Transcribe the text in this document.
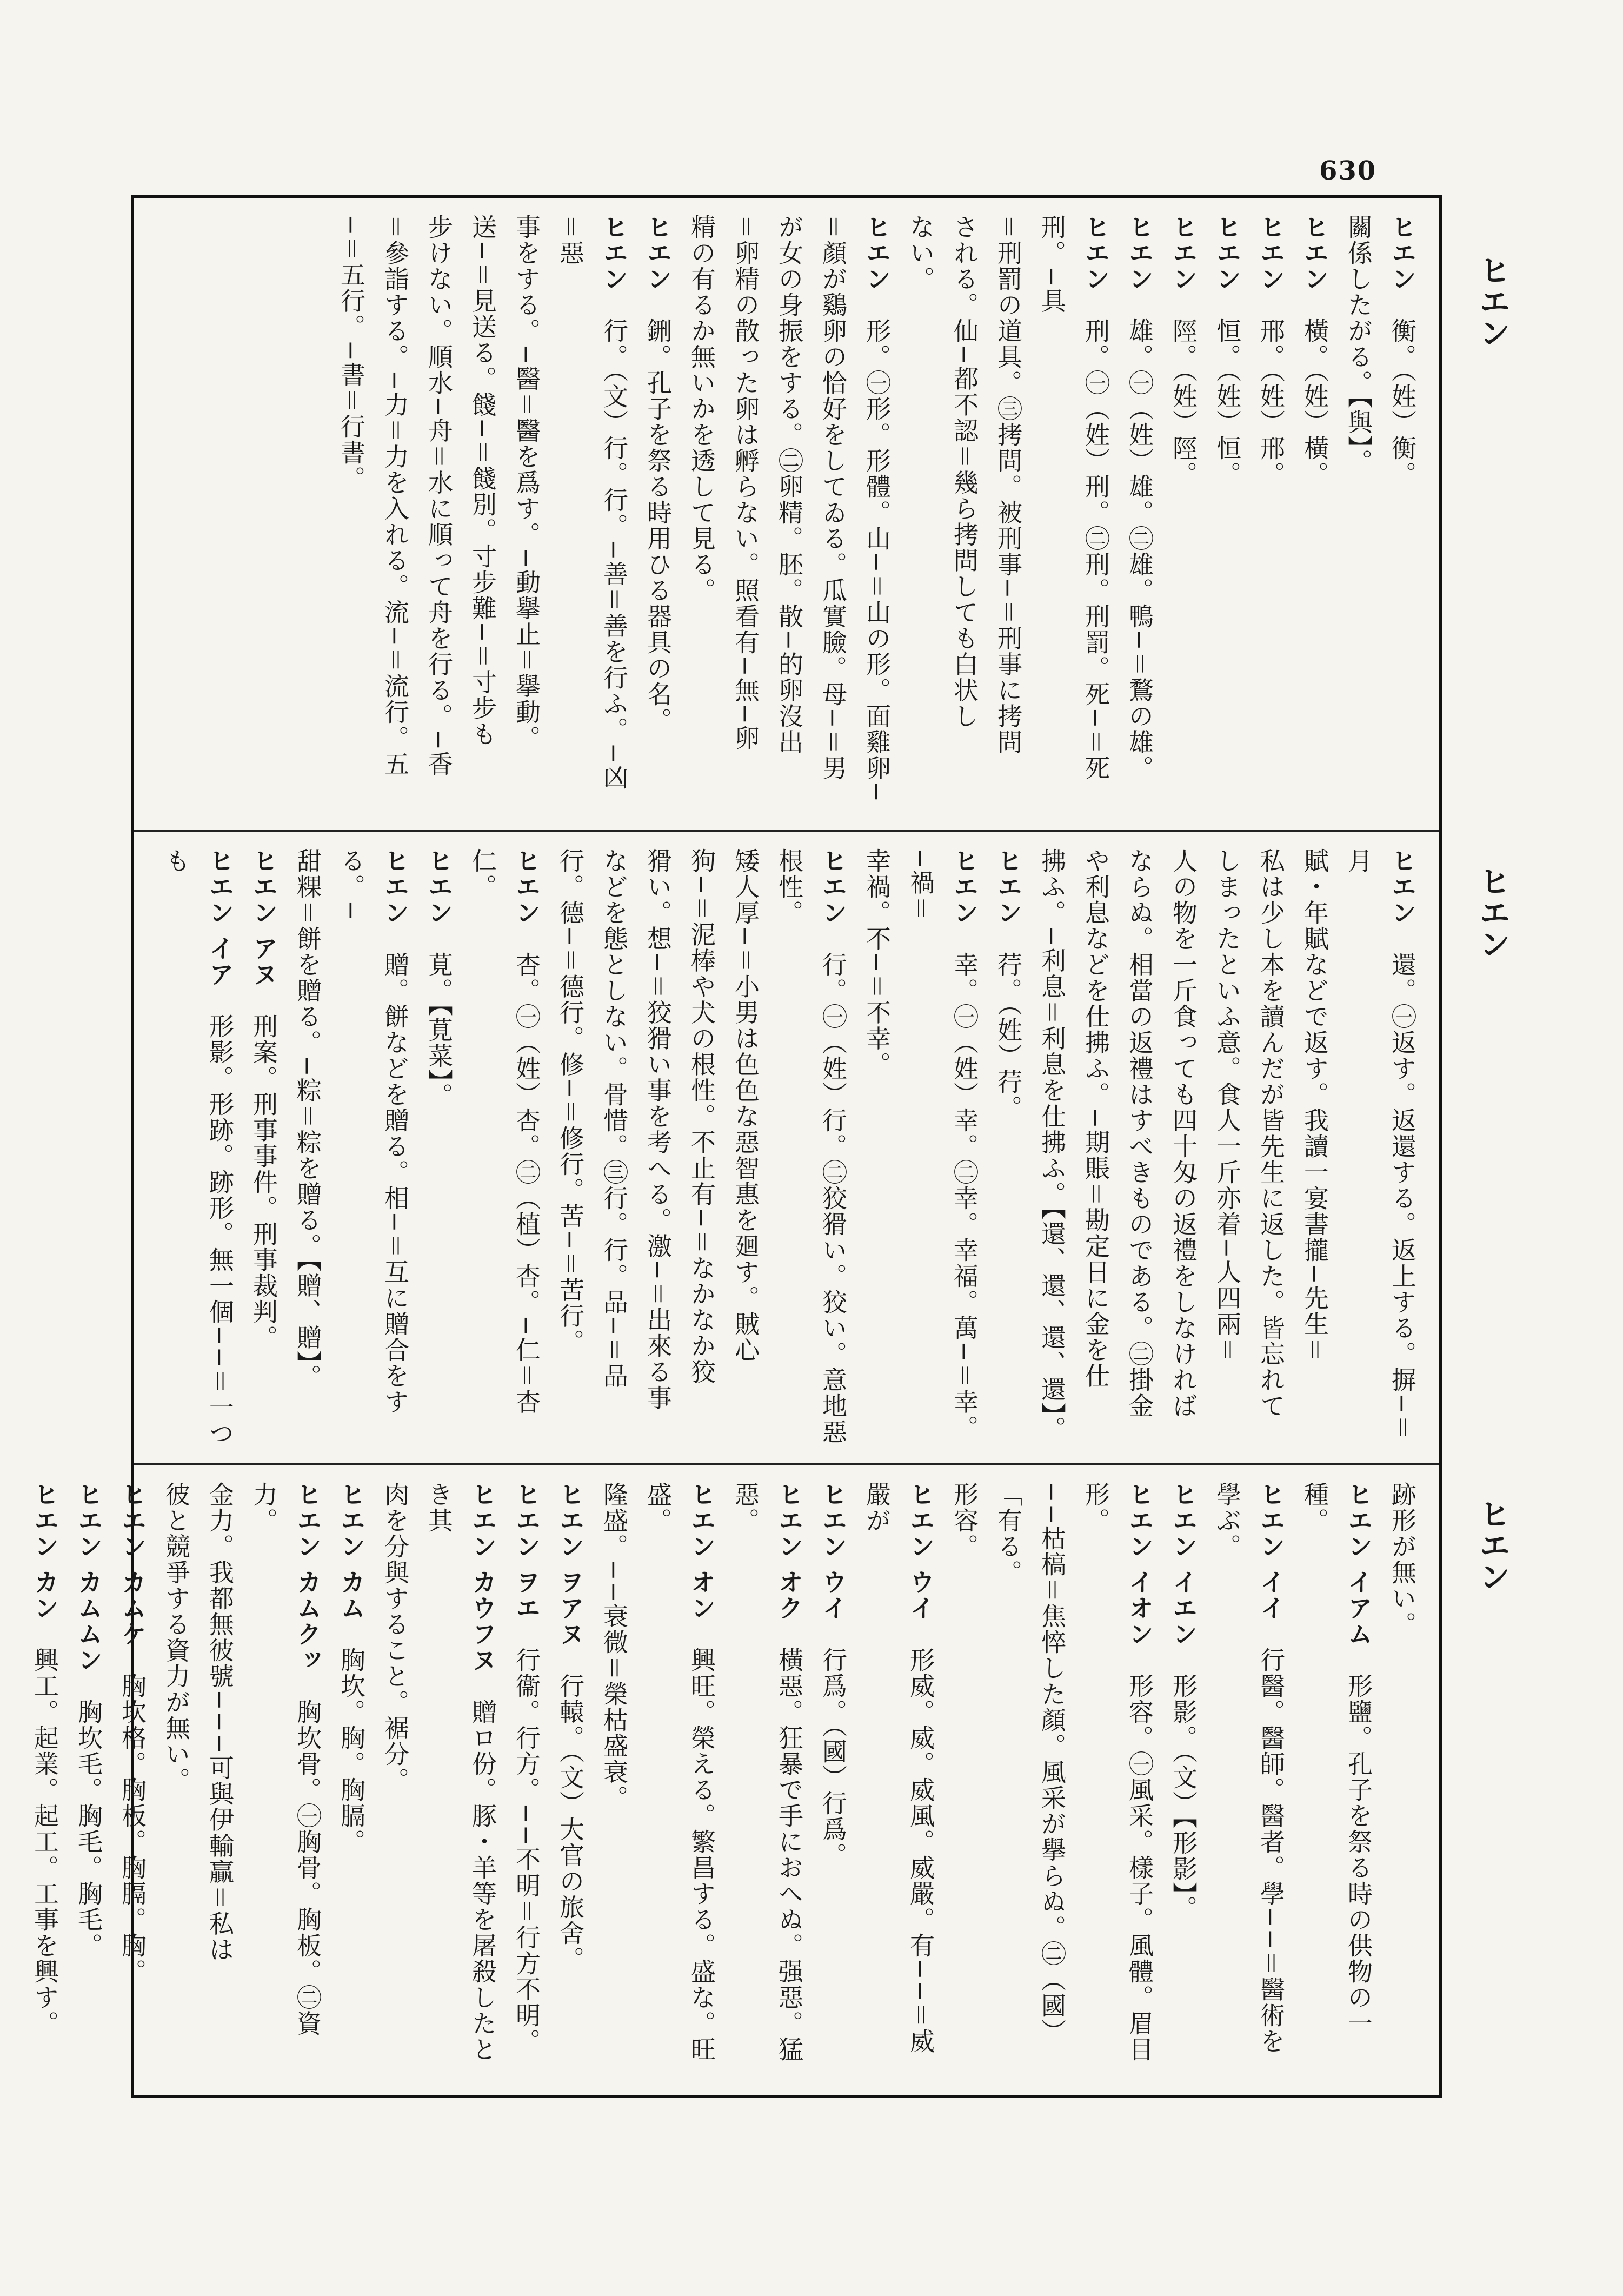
630
ヒエン
ヒエン
ヒエン
ヒエン　衡。（姓）衡。
關係したがる。【與】。
ヒエン　橫。（姓）橫。
ヒエン　邢。（姓）邢。
ヒエン　恒。（姓）恒。
ヒエン　陘。（姓）陘。
ヒエン　雄。㊀（姓）雄。㊁雄。鴨−＝鶩の雄。
ヒエン　刑。㊀（姓）刑。㊁刑。刑罰。死−＝死刑。−具
＝刑罰の道具。㊂拷問。被刑事−＝刑事に拷問
される。仙−都不認＝幾ら拷問しても白状し
ない。
ヒエン　形。㊀形。形體。山−＝山の形。面雞卵−
＝顏が鷄卵の恰好をしてゐる。瓜實臉。母−＝男
が女の身振をする。㊁卵精。胚。散−的卵沒出
＝卵精の散った卵は孵らない。照看有−無−卵
精の有るか無いかを透して見る。
ヒエン　鉶。孔子を祭る時用ひる器具の名。
ヒエン　行。（文）行。行。−善＝善を行ふ。−凶＝惡
事をする。−醫＝醫を爲す。−動擧止＝擧動。
送−＝見送る。餞−＝餞別。寸步難−＝寸步も
步けない。順水−舟＝水に順って舟を行る。−香
＝參詣する。−力＝力を入れる。流−＝流行。五
−＝五行。−書＝行書。
ヒエン　還。㊀返す。返還する。返上する。摒−＝月
賦・年賦などで返す。我讀一宴書攏−先生＝
私は少し本を讀んだが皆先生に返した。皆忘れて
しまったといふ意。食人一斤亦着−人四兩＝
人の物を一斤食っても四十匁の返禮をしなければ
ならぬ。相當の返禮はすべきものである。㊁掛金
や利息などを仕拂ふ。−期賬＝勘定日に金を仕
拂ふ。−利息＝利息を仕拂ふ。【還、還、還、還】。
ヒエン　荇。（姓）荇。
ヒエン　幸。㊀（姓）幸。㊁幸。幸福。萬−＝幸。−禍＝
幸禍。不−＝不幸。
ヒエン　行。㊀（姓）行。㊁狡猾い。狡い。意地惡根性。
矮人厚−＝小男は色色な惡智惠を廻す。賊心
狗−＝泥棒や犬の根性。不止有−＝なかなか狡
猾い。想−＝狡猾い事を考へる。激−＝出來る事
などを態としない。骨惜。㊂行。行。品−＝品
行。德−＝德行。修−＝修行。苦−＝苦行。
ヒエン　杏。㊀（姓）杏。㊁（植）杏。−仁＝杏仁。
ヒエン　莧。【莧菜】。
ヒエン　贈。餅などを贈る。相−＝互に贈合をする。−
甜粿＝餅を贈る。−粽＝粽を贈る。【贈、贈】。
ヒエン アヌ　刑案。刑事事件。刑事裁判。
ヒエン イア　形影。形跡。跡形。無一個−−＝一つも
跡形が無い。
ヒエン イアム　形鹽。孔子を祭る時の供物の一種。
ヒエン イイ　行醫。醫師。醫者。學−−＝醫術を學ぶ。
ヒエン イエン　形影。（文）【形影】。
ヒエン イオン　形容。㊀風采。樣子。風體。眉目形。
−−枯槁＝焦悴した顏。風采が擧らぬ。㊁（國）「有る。
形容。
ヒエン ウイ　形威。威。威風。威嚴。有−−＝威嚴が
ヒエン ウイ　行爲。（國）行爲。
ヒエン オク　橫惡。狂暴で手におへぬ。强惡。猛惡。
ヒエン オン　興旺。榮える。繁昌する。盛な。旺盛。
隆盛。−−衰微＝榮枯盛衰。
ヒエン ヲアヌ　行轅。（文）大官の旅舍。
ヒエン ヲエ　行衞。行方。−−不明＝行方不明。
ヒエン カウフヌ　贈ロ份。豚・羊等を屠殺したとき其
肉を分與すること。裾分。
ヒエン カム　胸坎。胸。胸膈。
ヒエン カムクッ　胸坎骨。㊀胸骨。胸板。㊁資力。
金力。我都無彼號−−−可與伊輸贏＝私は
彼と競爭する資力が無い。
ヒエン カムケ　胸坎格。胸板。胸膈。胸。
ヒエン カムムン　胸坎毛。胸毛。胸毛。
ヒエン カン　興工。起業。起工。工事を興す。
